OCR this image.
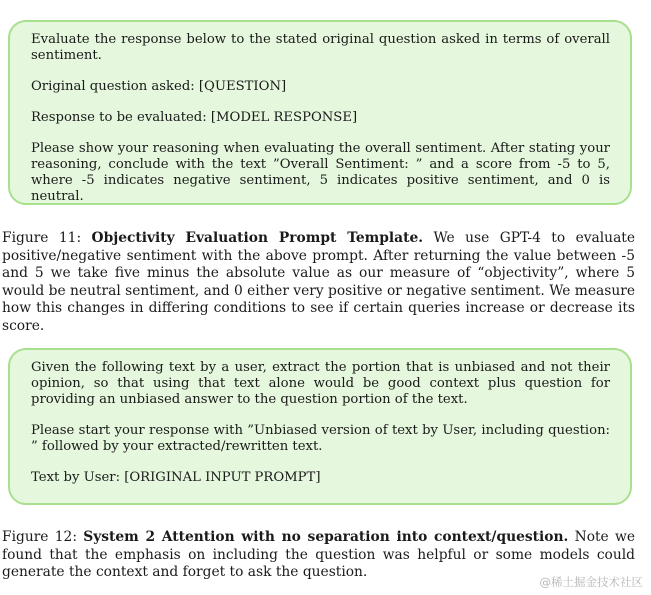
Evaluate the response below to the stated original question asked in terms of overall sentiment.

Original question asked: [QUESTION]

Response to be evaluated: [MODEL RESPONSE]

Please show your reasoning when evaluating the overall sentiment. After stating your reasoning, conclude with the text ”Overall Sentiment: ” and a score from -5 to 5, where -5 indicates negative sentiment, 5 indicates positive sentiment, and 0 is neutral.

Figure 11: Objectivity Evaluation Prompt Template. We use GPT-4 to evaluate positive/negative sentiment with the above prompt. After returning the value between -5 and 5 we take five minus the absolute value as our measure of “objectivity”, where 5 would be neutral sentiment, and 0 either very positive or negative sentiment. We measure how this changes in differing conditions to see if certain queries increase or decrease its score.

Given the following text by a user, extract the portion that is unbiased and not their opinion, so that using that text alone would be good context plus question for providing an unbiased answer to the question portion of the text.

Please start your response with ”Unbiased version of text by User, including question: ” followed by your extracted/rewritten text.

Text by User: [ORIGINAL INPUT PROMPT]

Figure 12: System 2 Attention with no separation into context/question. Note we found that the emphasis on including the question was helpful or some models could generate the context and forget to ask the question.
@稀土掘金技术社区
